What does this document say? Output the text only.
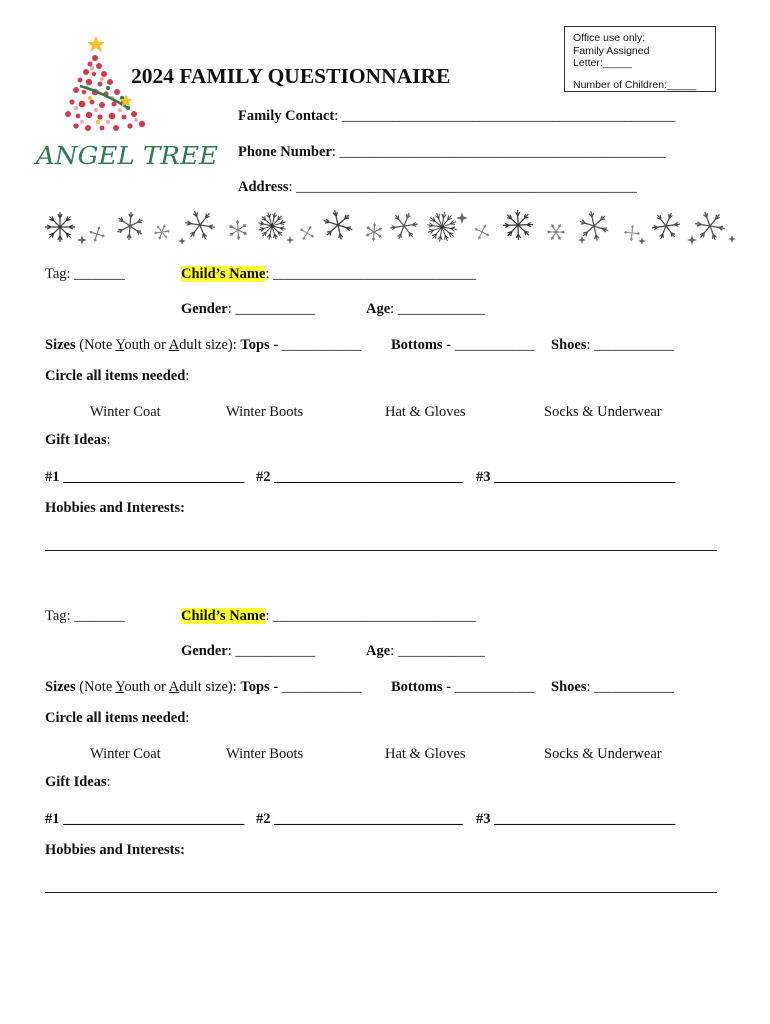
Office use only:
Family Assigned Letter:_____
Number of Children:_____
ANGEL TREE
2024 FAMILY QUESTIONNAIRE
Family Contact: ______________________________________________
Phone Number: _____________________________________________
Address: _______________________________________________
Tag: _______	Child’s Name: ____________________________
Gender: ___________	Age: ____________
Sizes (Note Youth or Adult size): Tops - ___________ Bottoms - ___________ Shoes: ___________
Circle all items needed:
Winter Coat	Winter Boots	Hat & Gloves	Socks & Underwear
Gift Ideas:
#1 _________________________ #2 __________________________ #3 _________________________
Hobbies and Interests:
Tag: _______	Child’s Name: ____________________________
Gender: ___________	Age: ____________
Sizes (Note Youth or Adult size): Tops - ___________ Bottoms - ___________ Shoes: ___________
Circle all items needed:
Winter Coat	Winter Boots	Hat & Gloves	Socks & Underwear
Gift Ideas:
#1 _________________________ #2 __________________________ #3 _________________________
Hobbies and Interests:
